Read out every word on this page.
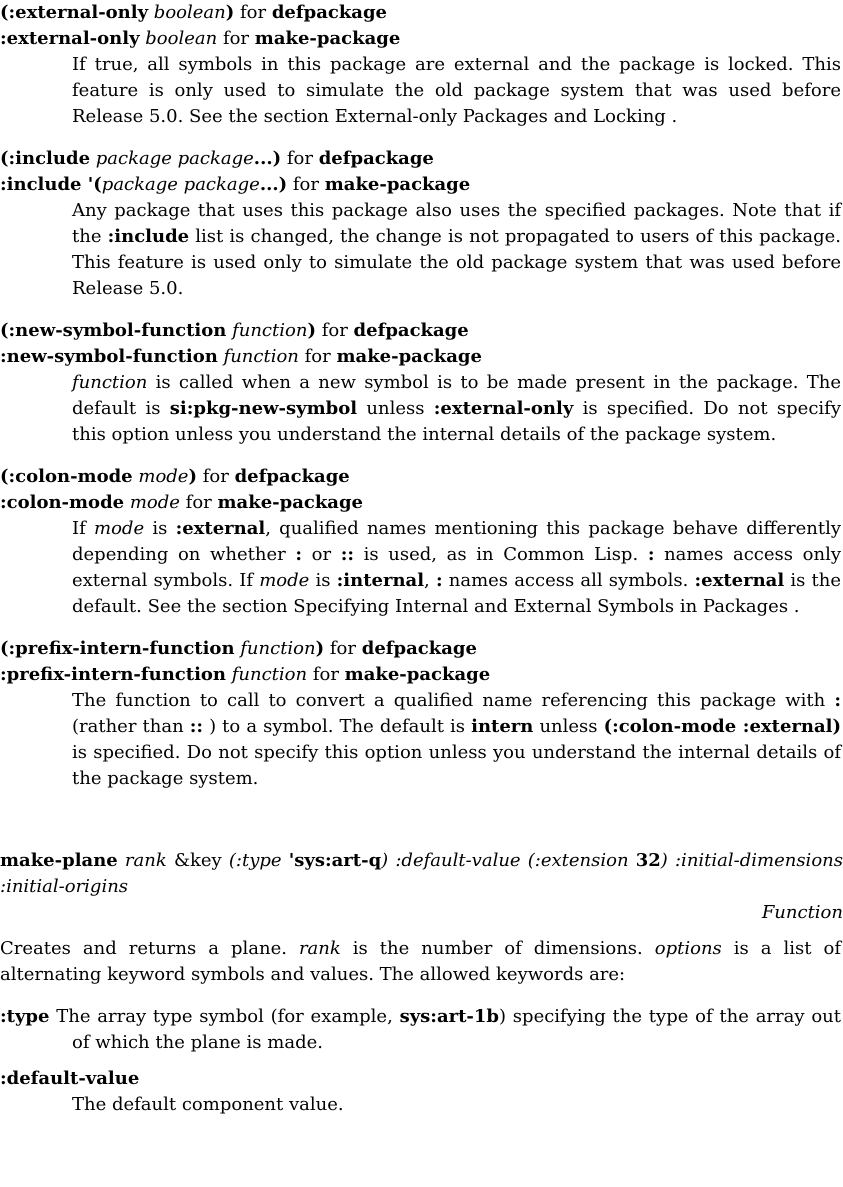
(:external-only boolean) for defpackage
:external-only boolean for make-package

If true, all symbols in this package are external and the package is locked. This feature is only used to simulate the old package system that was used before Release 5.0. See the section External-only Packages and Locking .

(:include package package...) for defpackage
:include '(package package...) for make-package

Any package that uses this package also uses the specified packages. Note that if the :include list is changed, the change is not propagated to users of this package. This feature is used only to simulate the old package system that was used before Release 5.0.

(:new-symbol-function function) for defpackage
:new-symbol-function function for make-package

function is called when a new symbol is to be made present in the package. The default is si:pkg-new-symbol unless :external-only is specified. Do not specify this option unless you understand the internal details of the package system.

(:colon-mode mode) for defpackage
:colon-mode mode for make-package

If mode is :external, qualified names mentioning this package behave differently depending on whether : or :: is used, as in Common Lisp. : names access only external symbols. If mode is :internal, : names access all symbols. :external is the default. See the section Specifying Internal and External Symbols in Packages .

(:prefix-intern-function function) for defpackage
:prefix-intern-function function for make-package

The function to call to convert a qualified name referencing this package with : (rather than :: ) to a symbol. The default is intern unless (:colon-mode :external) is specified. Do not specify this option unless you understand the internal details of the package system.

make-plane rank &key (:type 'sys:art-q) :default-value (:extension 32) :initial-dimensions :initial-origins
Function

Creates and returns a plane. rank is the number of dimensions. options is a list of alternating keyword symbols and values. The allowed keywords are:

:type The array type symbol (for example, sys:art-1b) specifying the type of the array out of which the plane is made.

:default-value

The default component value.
